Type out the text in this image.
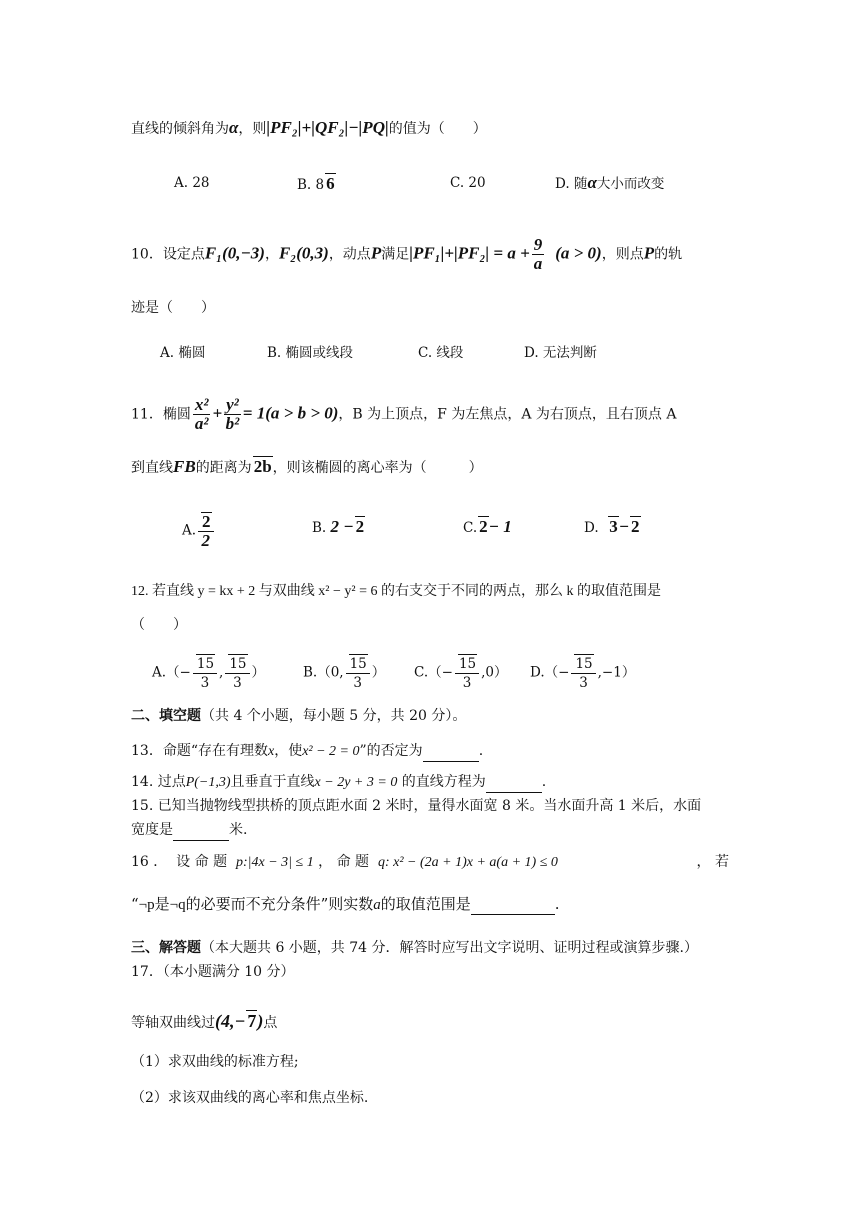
直线的倾斜角为α，则|PF₂|+|QF₂|−|PQ|的值为（　　）
A. 28	B. 8 6	C. 20	D. 随α大小而改变
10．设定点F₁(0,−3)，F₂(0,3)，动点P满足$|PF_1|+|PF_2| = a + \frac{9}{a} (a > 0)$，则点P的轨
迹是（　　）
A. 椭圆	B. 椭圆或线段	C. 线段	D. 无法判断
11．椭圆 $\frac{\text{x²}}{\text{a²}} + \frac{\text{y²}}{\text{b²}} = 1(a > b > 0)$，B 为上顶点，F 为左焦点，A 为右顶点，且右顶点 A
到直线FB的距离为 2b，则该椭圆的离心率为（　　　）
A. $\frac{2}{2}$	B. 2 − 2	C. 2− 1	D. 3− 2
12. 若直线 y = kx + 2 与双曲线 x² − y² = 6 的右支交于不同的两点，那么 k 的取值范围是
（　　）
$A.(- \frac{15}{3}$ , $\frac{15}{3}$ ）	B.（0, $\frac{15}{3}$ ） $C.(- \frac{15}{3} ,0)$ $D.(- \frac{15}{3} ,-1)$
二、填空题（共 4 个小题，每小题 5 分，共 20 分）。
13．命题“存在有理数x，使x² − 2 = 0”的否定为	.
14. 过点P(−1,3)且垂直于直线x − 2y + 3 = 0 的直线方程为	.
15. 已知当抛物线型拱桥的顶点距水面 2 米时，量得水面宽 8 米。当水面升高 1 米后，水面
宽度是	米.
16 ． 设 命 题 p:|4x − 3| ≤ 1 ， 命 题 q: x² − (2a + 1)x + a(a + 1) ≤ 0	， 若
“¬p是¬q的必要而不充分条件”则实数a的取值范围是	.
三、解答题（本大题共 6 小题，共 74 分．解答时应写出文字说明、证明过程或演算步骤.）
17．（本小题满分 10 分）
等轴双曲线过(4,− 7)点
（1）求双曲线的标准方程;
（2）求该双曲线的离心率和焦点坐标.
